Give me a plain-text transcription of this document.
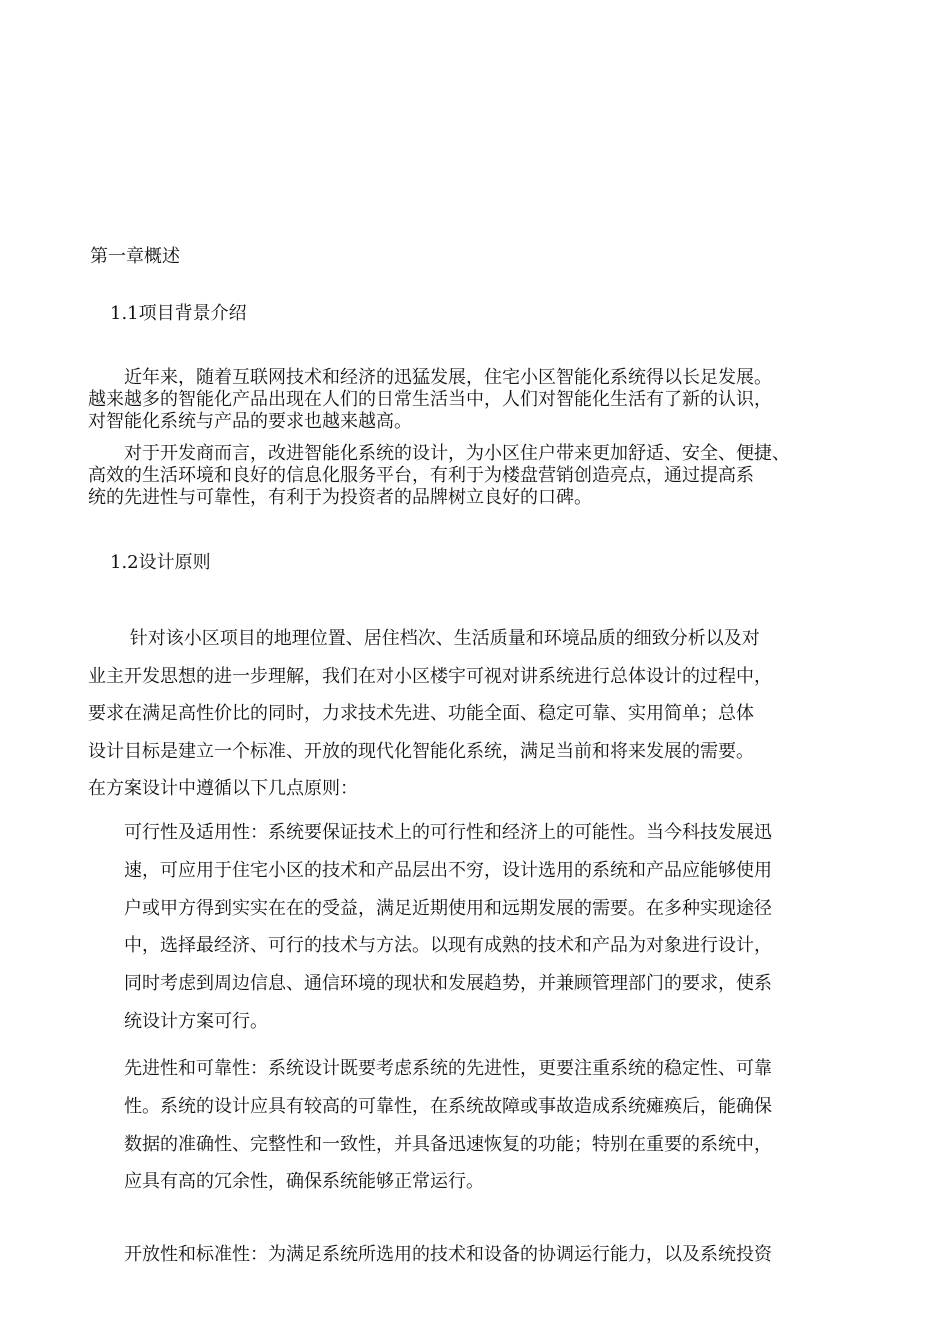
第一章概述
1.1项目背景介绍

　　近年来，随着互联网技术和经济的迅猛发展，住宅小区智能化系统得以长足发展。

越来越多的智能化产品出现在人们的日常生活当中，人们对智能化生活有了新的认识，

对智能化系统与产品的要求也越来越高。

　　对于开发商而言，改进智能化系统的设计，为小区住户带来更加舒适、安全、便捷、

高效的生活环境和良好的信息化服务平台，有利于为楼盘营销创造亮点，通过提高系

统的先进性与可靠性，有利于为投资者的品牌树立良好的口碑。

1.2设计原则

　　 针对该小区项目的地理位置、居住档次、生活质量和环境品质的细致分析以及对

业主开发思想的进一步理解，我们在对小区楼宇可视对讲系统进行总体设计的过程中，

要求在满足高性价比的同时，力求技术先进、功能全面、稳定可靠、实用简单；总体

设计目标是建立一个标准、开放的现代化智能化系统，满足当前和将来发展的需要。

在方案设计中遵循以下几点原则：

可行性及适用性：系统要保证技术上的可行性和经济上的可能性。当今科技发展迅

速，可应用于住宅小区的技术和产品层出不穷，设计选用的系统和产品应能够使用

户或甲方得到实实在在的受益，满足近期使用和远期发展的需要。在多种实现途径

中，选择最经济、可行的技术与方法。以现有成熟的技术和产品为对象进行设计，

同时考虑到周边信息、通信环境的现状和发展趋势，并兼顾管理部门的要求，使系

统设计方案可行。

先进性和可靠性：系统设计既要考虑系统的先进性，更要注重系统的稳定性、可靠

性。系统的设计应具有较高的可靠性，在系统故障或事故造成系统瘫痪后，能确保

数据的准确性、完整性和一致性，并具备迅速恢复的功能；特别在重要的系统中，

应具有高的冗余性，确保系统能够正常运行。

开放性和标准性：为满足系统所选用的技术和设备的协调运行能力，以及系统投资
